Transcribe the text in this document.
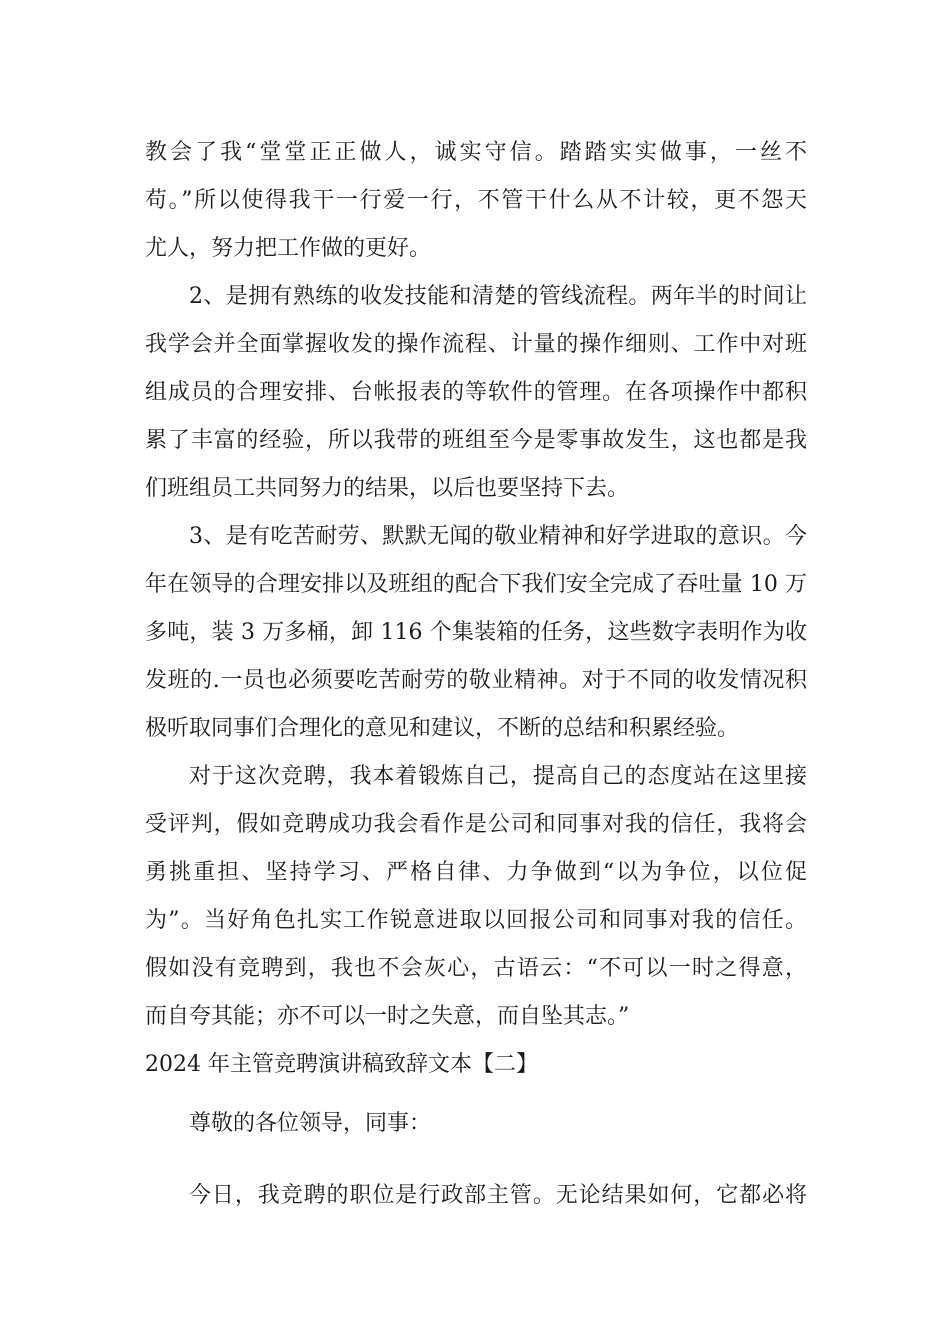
教会了我“堂堂正正做人，诚实守信。踏踏实实做事，一丝不
苟。”所以使得我干一行爱一行，不管干什么从不计较，更不怨天
尤人，努力把工作做的更好。
2、是拥有熟练的收发技能和清楚的管线流程。两年半的时间让
我学会并全面掌握收发的操作流程、计量的操作细则、工作中对班
组成员的合理安排、台帐报表的等软件的管理。在各项操作中都积
累了丰富的经验，所以我带的班组至今是零事故发生，这也都是我
们班组员工共同努力的结果，以后也要坚持下去。
3、是有吃苦耐劳、默默无闻的敬业精神和好学进取的意识。今
年在领导的合理安排以及班组的配合下我们安全完成了吞吐量 10 万
多吨，装 3 万多桶，卸 116 个集装箱的任务，这些数字表明作为收
发班的.一员也必须要吃苦耐劳的敬业精神。对于不同的收发情况积
极听取同事们合理化的意见和建议，不断的总结和积累经验。
对于这次竞聘，我本着锻炼自己，提高自己的态度站在这里接
受评判，假如竞聘成功我会看作是公司和同事对我的信任，我将会
勇挑重担、坚持学习、严格自律、力争做到“以为争位，以位促
为”。当好角色扎实工作锐意进取以回报公司和同事对我的信任。
假如没有竞聘到，我也不会灰心，古语云：“不可以一时之得意，
而自夸其能；亦不可以一时之失意，而自坠其志。”
2024 年主管竞聘演讲稿致辞文本【二】
尊敬的各位领导，同事：
今日，我竞聘的职位是行政部主管。无论结果如何，它都必将
